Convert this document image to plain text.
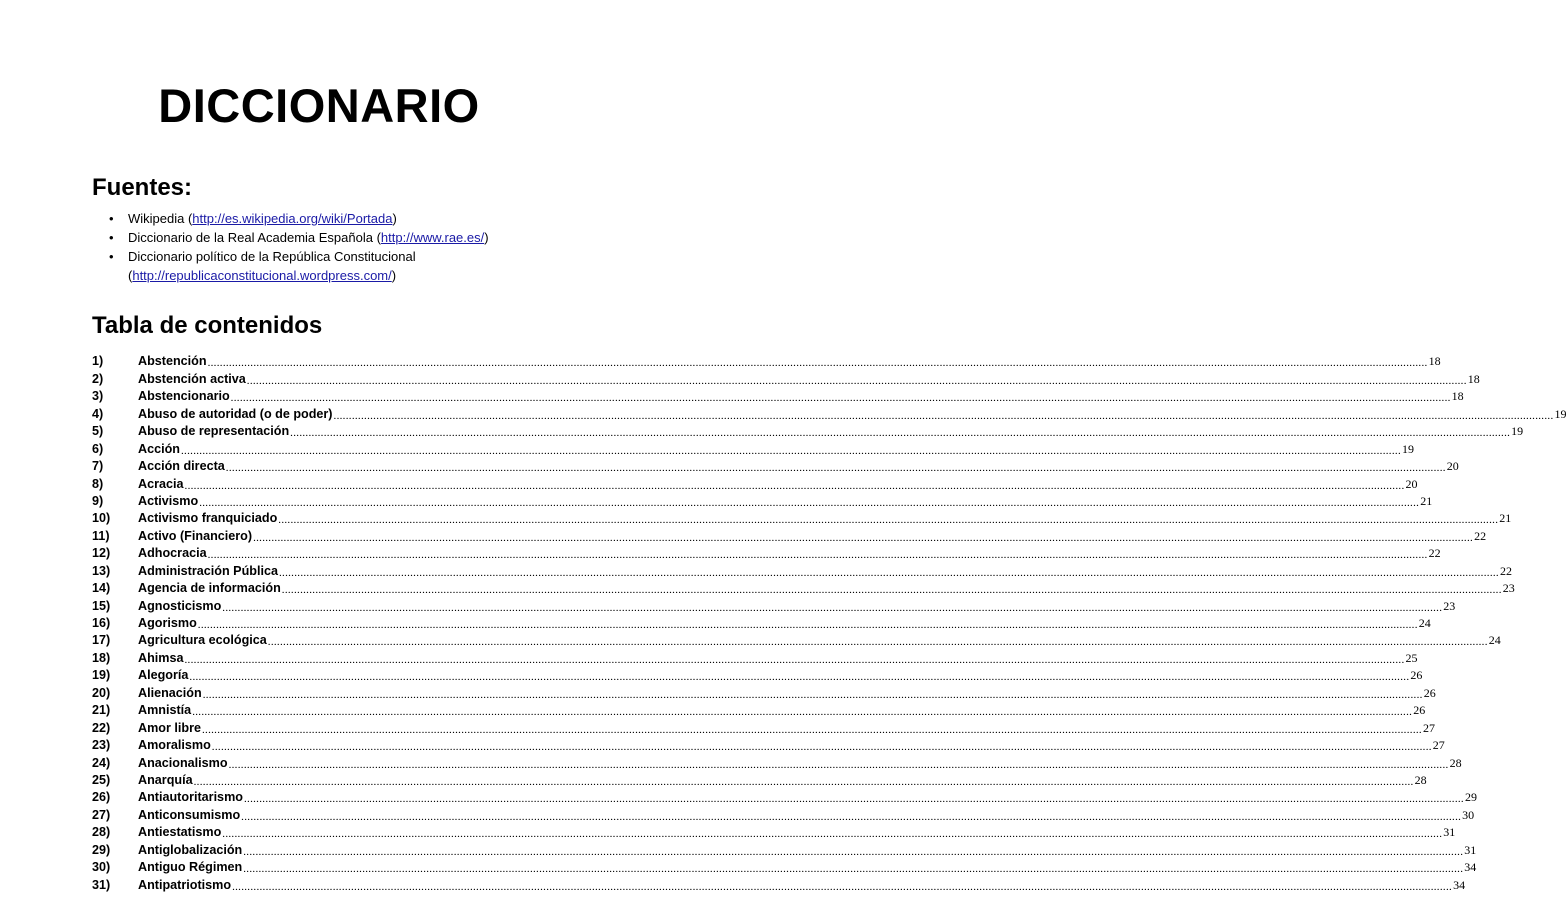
DICCIONARIO
Fuentes:
• Wikipedia (http://es.wikipedia.org/wiki/Portada)
• Diccionario de la Real Academia Española (http://www.rae.es/)
• Diccionario político de la República Constitucional (http://republicaconstitucional.wordpress.com/)
Tabla de contenidos
1)	Abstención ................................................................................................................................................................................................................................................................................................................................................................................................................ 18
2)	Abstención activa ................................................................................................................................................................................................................................................................................................................................................................................................................ 18
3)	Abstencionario ................................................................................................................................................................................................................................................................................................................................................................................................................ 18
4)	Abuso de autoridad (o de poder) ................................................................................................................................................................................................................................................................................................................................................................................................................ 19
5)	Abuso de representación ................................................................................................................................................................................................................................................................................................................................................................................................................ 19
6)	Acción ................................................................................................................................................................................................................................................................................................................................................................................................................ 19
7)	Acción directa ................................................................................................................................................................................................................................................................................................................................................................................................................ 20
8)	Acracia ................................................................................................................................................................................................................................................................................................................................................................................................................ 20
9)	Activismo ................................................................................................................................................................................................................................................................................................................................................................................................................ 21
10)	Activismo franquiciado ................................................................................................................................................................................................................................................................................................................................................................................................................ 21
11)	Activo (Financiero) ................................................................................................................................................................................................................................................................................................................................................................................................................ 22
12)	Adhocracia ................................................................................................................................................................................................................................................................................................................................................................................................................ 22
13)	Administración Pública ................................................................................................................................................................................................................................................................................................................................................................................................................ 22
14)	Agencia de información ................................................................................................................................................................................................................................................................................................................................................................................................................ 23
15)	Agnosticismo ................................................................................................................................................................................................................................................................................................................................................................................................................ 23
16)	Agorismo ................................................................................................................................................................................................................................................................................................................................................................................................................ 24
17)	Agricultura ecológica ................................................................................................................................................................................................................................................................................................................................................................................................................ 24
18)	Ahimsa ................................................................................................................................................................................................................................................................................................................................................................................................................ 25
19)	Alegoría ................................................................................................................................................................................................................................................................................................................................................................................................................ 26
20)	Alienación ................................................................................................................................................................................................................................................................................................................................................................................................................ 26
21)	Amnistía ................................................................................................................................................................................................................................................................................................................................................................................................................ 26
22)	Amor libre ................................................................................................................................................................................................................................................................................................................................................................................................................ 27
23)	Amoralismo ................................................................................................................................................................................................................................................................................................................................................................................................................ 27
24)	Anacionalismo ................................................................................................................................................................................................................................................................................................................................................................................................................ 28
25)	Anarquía ................................................................................................................................................................................................................................................................................................................................................................................................................ 28
26)	Antiautoritarismo ................................................................................................................................................................................................................................................................................................................................................................................................................ 29
27)	Anticonsumismo ................................................................................................................................................................................................................................................................................................................................................................................................................ 30
28)	Antiestatismo ................................................................................................................................................................................................................................................................................................................................................................................................................ 31
29)	Antiglobalización ................................................................................................................................................................................................................................................................................................................................................................................................................ 31
30)	Antiguo Régimen ................................................................................................................................................................................................................................................................................................................................................................................................................ 34
31)	Antipatriotismo ................................................................................................................................................................................................................................................................................................................................................................................................................ 34
